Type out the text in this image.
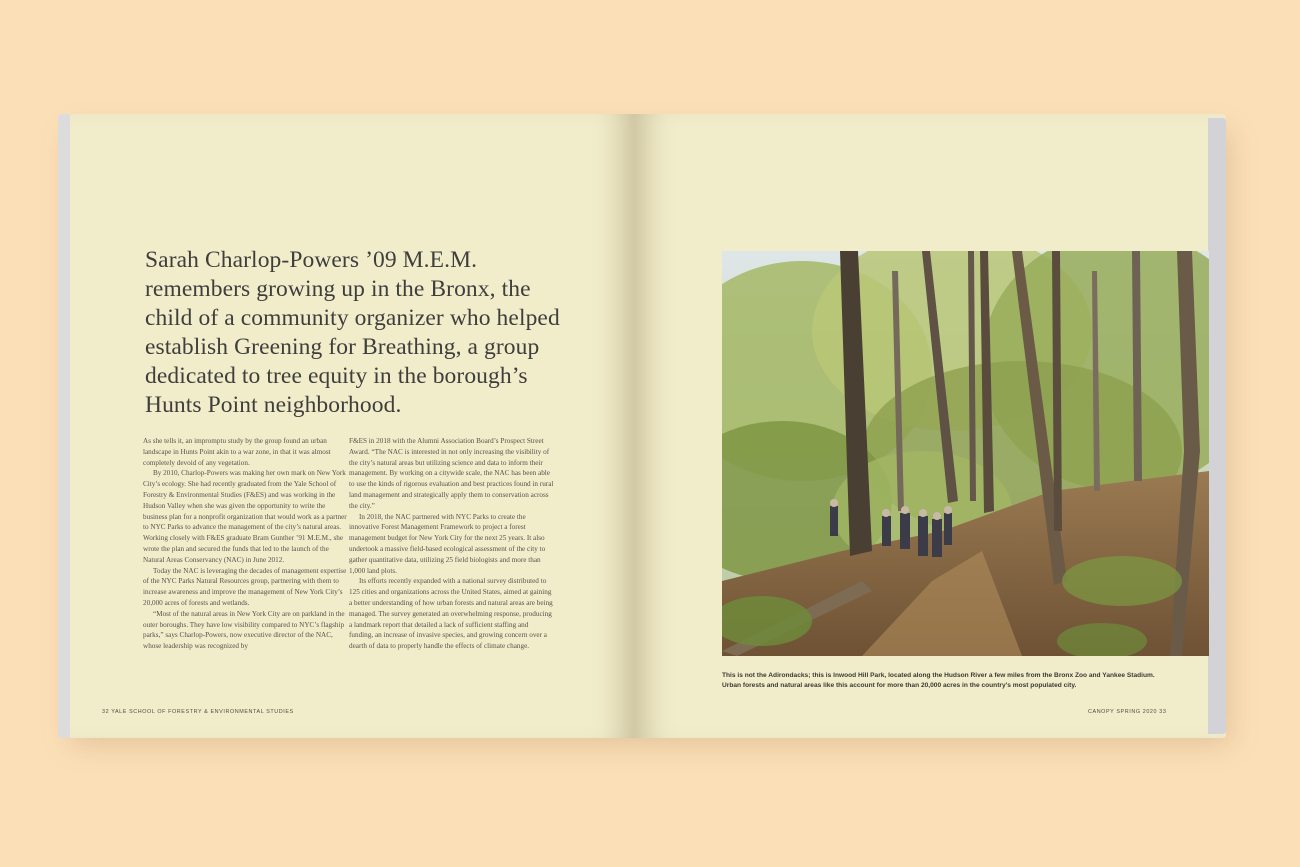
Sarah Charlop-Powers ’09 M.E.M. remembers growing up in the Bronx, the child of a community organizer who helped establish Greening for Breathing, a group dedicated to tree equity in the borough’s Hunts Point neighborhood.

As she tells it, an impromptu study by the group found an urban landscape in Hunts Point akin to a war zone, in that it was almost completely devoid of any vegetation.

By 2010, Charlop-Powers was making her own mark on New York City’s ecology. She had recently graduated from the Yale School of Forestry & Environmental Studies (F&ES) and was working in the Hudson Valley when she was given the opportunity to write the business plan for a nonprofit organization that would work as a partner to NYC Parks to advance the management of the city’s natural areas. Working closely with F&ES graduate Bram Gunther ’91 M.E.M., she wrote the plan and secured the funds that led to the launch of the Natural Areas Conservancy (NAC) in June 2012.

Today the NAC is leveraging the decades of management expertise of the NYC Parks Natural Resources group, partnering with them to increase awareness and improve the management of New York City’s 20,000 acres of forests and wetlands.

“Most of the natural areas in New York City are on parkland in the outer boroughs. They have low visibility compared to NYC’s flagship parks,” says Charlop-Powers, now executive director of the NAC, whose leadership was recognized by

F&ES in 2018 with the Alumni Association Board’s Prospect Street Award. “The NAC is interested in not only increasing the visibility of the city’s natural areas but utilizing science and data to inform their management. By working on a citywide scale, the NAC has been able to use the kinds of rigorous evaluation and best practices found in rural land management and strategically apply them to conservation across the city.”

In 2018, the NAC partnered with NYC Parks to create the innovative Forest Management Framework to project a forest management budget for New York City for the next 25 years. It also undertook a massive field-based ecological assessment of the city to gather quantitative data, utilizing 25 field biologists and more than 1,000 land plots.

Its efforts recently expanded with a national survey distributed to 125 cities and organizations across the United States, aimed at gaining a better understanding of how urban forests and natural areas are being managed. The survey generated an overwhelming response, producing a landmark report that detailed a lack of sufficient staffing and funding, an increase of invasive species, and growing concern over a dearth of data to properly handle the effects of climate change.

32 YALE SCHOOL OF FORESTRY & ENVIRONMENTAL STUDIES	CANOPY SPRING 2020 33
This is not the Adirondacks; this is Inwood Hill Park, located along the Hudson River a few miles from the Bronx Zoo and Yankee Stadium. Urban forests and natural areas like this account for more than 20,000 acres in the country’s most populated city.
